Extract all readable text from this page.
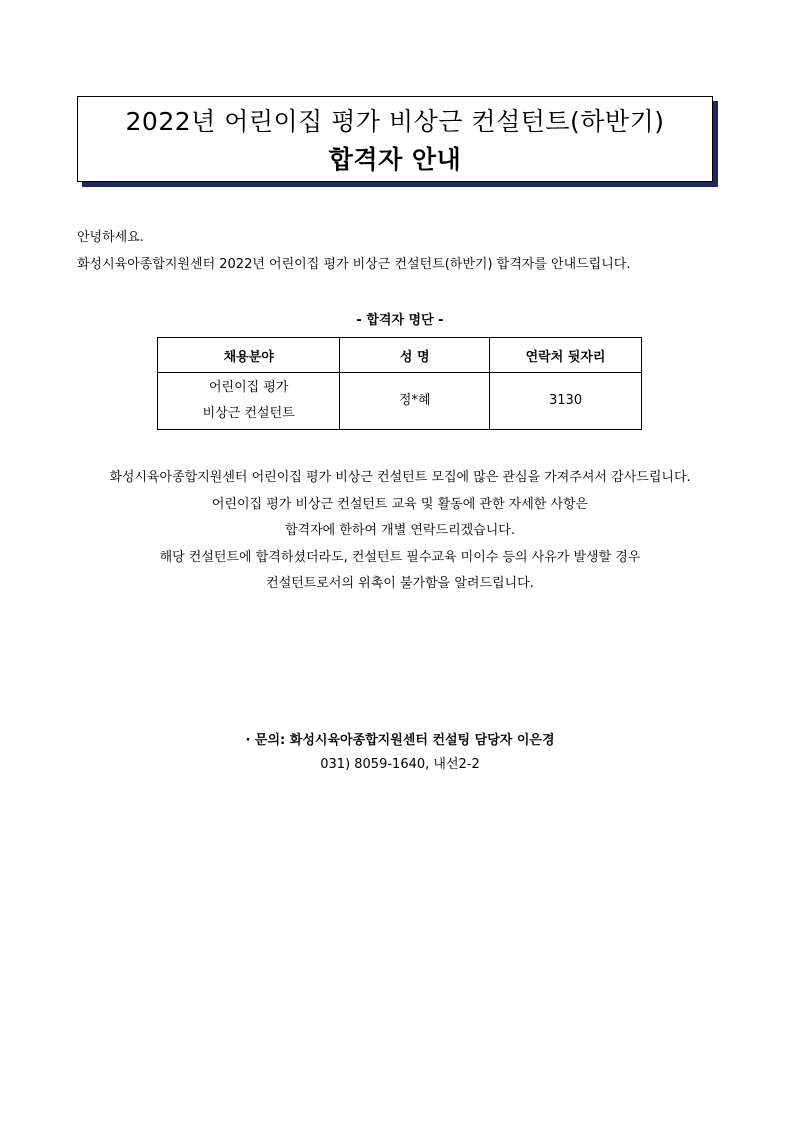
2022년 어린이집 평가 비상근 컨설턴트(하반기)
합격자 안내
안녕하세요.
화성시육아종합지원센터 2022년 어린이집 평가 비상근 컨설턴트(하반기) 합격자를 안내드립니다.
- 합격자 명단 -
채용분야	성 명	연락처 뒷자리

어린이집 평가
비상근 컨설턴트	정*혜	3130
화성시육아종합지원센터 어린이집 평가 비상근 컨설턴트 모집에 많은 관심을 가져주셔서 감사드립니다.
어린이집 평가 비상근 컨설턴트 교육 및 활동에 관한 자세한 사항은
합격자에 한하여 개별 연락드리겠습니다.
해당 컨설턴트에 합격하셨더라도, 컨설턴트 필수교육 미이수 등의 사유가 발생할 경우
컨설턴트로서의 위촉이 불가함을 알려드립니다.
· 문의: 화성시육아종합지원센터 컨설팅 담당자 이은경
031) 8059-1640, 내선2-2
